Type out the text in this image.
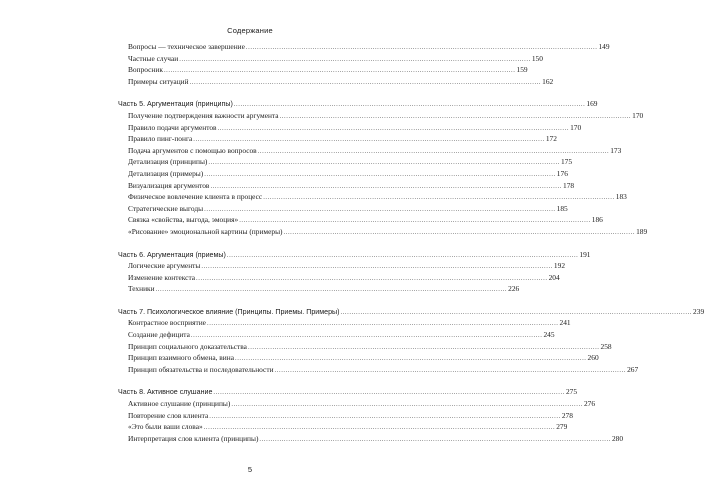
Содержание
Вопросы — техническое завершение .....	149
Частные случаи .....	150
Вопросник .....	159
Примеры ситуаций .....	162
Часть 5. Аргументация (принципы) .....	169
Получение подтверждения важности аргумента .....	170
Правило подачи аргументов .....	170
Правило пинг-понга .....	172
Подача аргументов с помощью вопросов .....	173
Детализация (принципы) .....	175
Детализация (примеры) .....	176
Визуализация аргументов .....	178
Физическое вовлечение клиента в процесс .....	183
Стратегические выгоды .....	185
Связка «свойства, выгода, эмоция» .....	186
«Рисование» эмоциональной картины (примеры) .....	189
Часть 6. Аргументация (приемы) .....	191
Логические аргументы .....	192
Изменение контекста .....	204
Техники .....	226
Часть 7. Психологическое влияние (Принципы. Приемы. Примеры) .....	239
Контрастное восприятие .....	241
Создание дефицита .....	245
Принцип социального доказательства .....	258
Принцип взаимного обмена, вина .....	260
Принцип обязательства и последовательности .....	267
Часть 8. Активное слушание .....	275
Активное слушание (принципы) .....	276
Повторение слов клиента .....	278
«Это были ваши слова» .....	279
Интерпретация слов клиента (принципы) .....	280
5
